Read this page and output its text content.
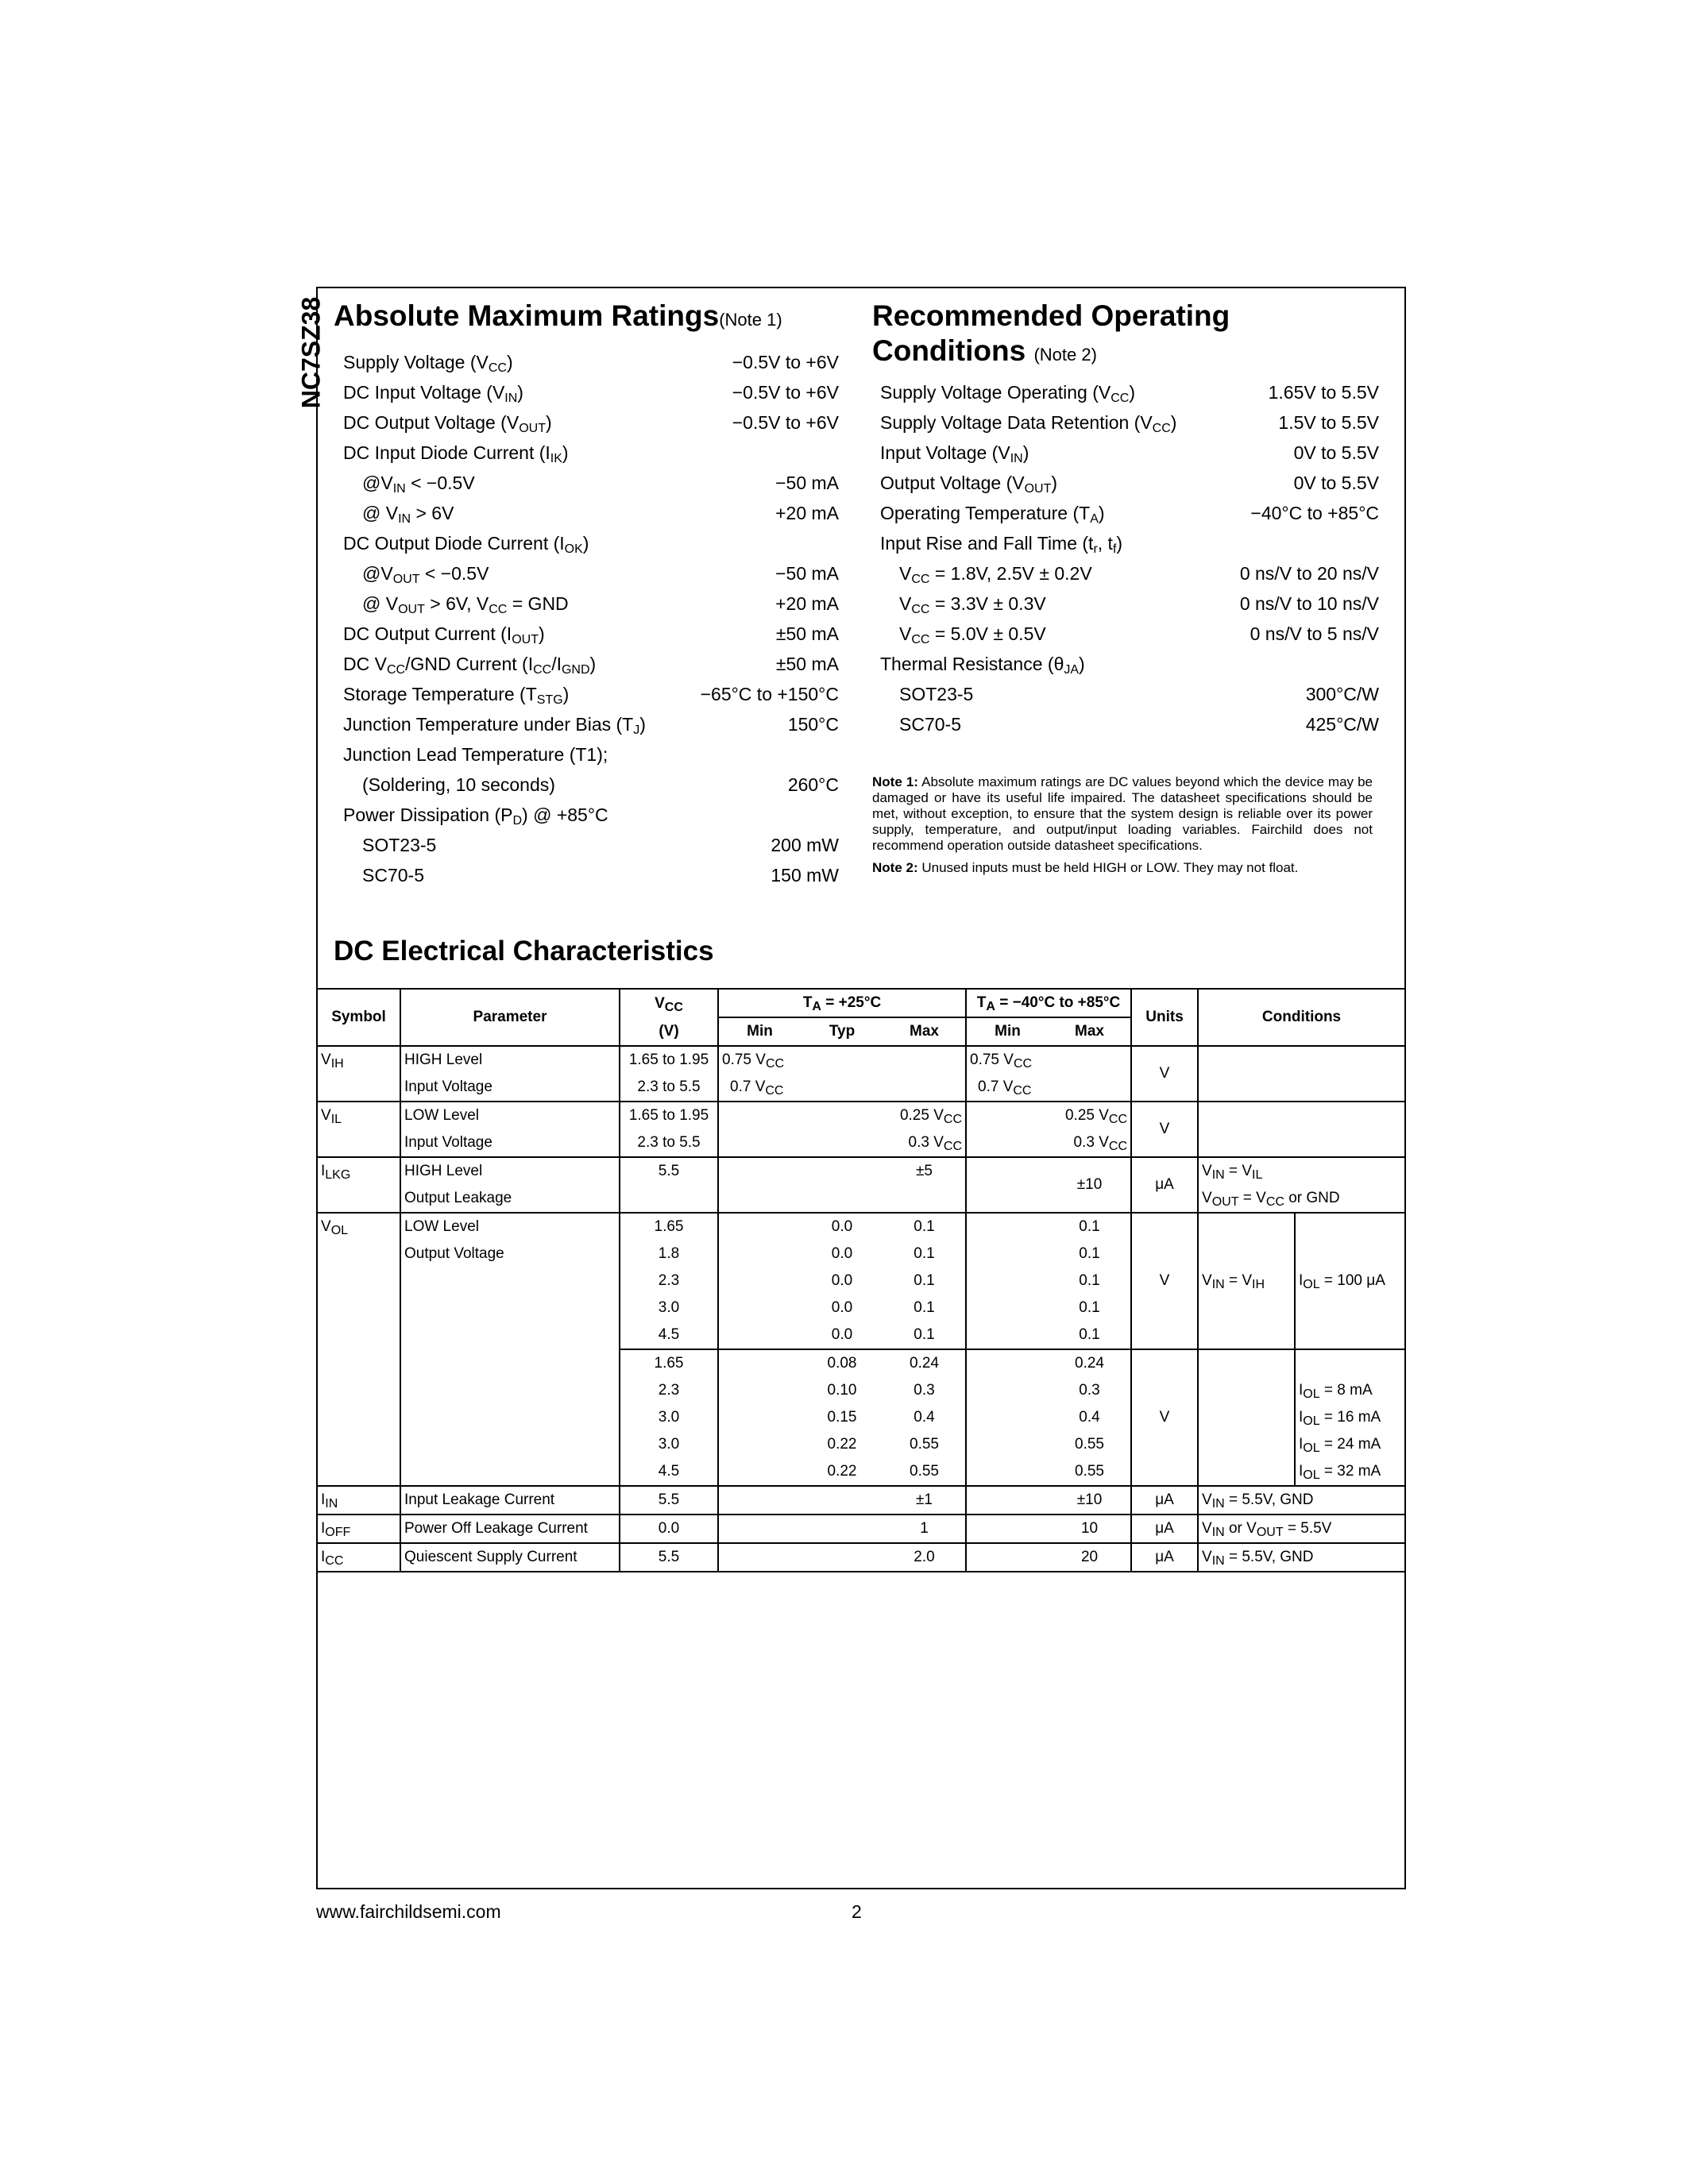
NC7SZ38 Absolute Maximum Ratings(Note 1)
Supply Voltage $(V_{CC})$	−0.5V to +6V
DC Input Voltage $(V_{IN})$	−0.5V to +6V
DC Output Voltage $(V_{OUT})$	−0.5V to +6V
DC Input Diode Current $(I_{IK})$
$@V_{IN} < -0.5V$	−50 mA
@ $V_{IN} > 6V$	+20 mA
DC Output Diode Current $(I_{OK})$
$@V_{OUT} < -0.5V$	−50 mA
@ $V_{OUT} > 6V$, $V_{CC}$ = GND	+20 mA
DC Output Current $(I_{OUT})$	±50 mA
DC $V_{CC}$/GND Current $(I_{CC}/I_{GND})$	±50 mA
Storage Temperature $(T_{STG})$	−65°C to +150°C
Junction Temperature under Bias $(T_J)$	150°C
Junction Lead Temperature (T1);
(Soldering, 10 seconds)	260°C
Power Dissipation $(P_D)$ @ +85°C
SOT23-5	200 mW
SC70-5	150 mW
Recommended Operating
Conditions (Note 2)
Supply Voltage Operating $(V_{CC})$	1.65V to 5.5V
Supply Voltage Data Retention $(V_{CC})$	1.5V to 5.5V
Input Voltage $(V_{IN})$	0V to 5.5V
Output Voltage $(V_{OUT})$	0V to 5.5V
Operating Temperature $(T_A)$	−40°C to +85°C
Input Rise and Fall Time ($t_r$, $t_f$)
$V_{CC} = 1.8V$, 2.5V ± 0.2V	0 ns/V to 20 ns/V
$V_{CC} = 3.3V \pm 0.3V$	0 ns/V to 10 ns/V
$V_{CC} = 5.0V \pm 0.5V$	0 ns/V to 5 ns/V
Thermal Resistance $(\theta_{JA})$
SOT23-5	300°C/W
SC70-5	425°C/W

Note 1: Absolute maximum ratings are DC values beyond which the device may be damaged or have its useful life impaired. The datasheet specifications should be met, without exception, to ensure that the system design is reliable over its power supply, temperature, and output/input loading variables. Fairchild does not recommend operation outside datasheet specifications.

Note 2: Unused inputs must be held HIGH or LOW. They may not float.

DC Electrical Characteristics
Symbol	Parameter	$V_{CC}$	$T_A = +25^\circ C$			$T_A = -40^\circ C$ to +85°C		Units	Conditions	
		(V)	Min	Typ	Max	Min	Max			
$V_{IH}$	HIGH Level	1.65 to 1.95	0.75 $V_{CC}$			0.75 $V_{CC}$		V		
	Input Voltage	2.3 to 5.5	0.7 $V_{CC}$			0.7 $V_{CC}$	
$V_{IL}$	LOW Level	1.65 to 1.95			0.25 $V_{CC}$		0.25 $V_{CC}$	V		
	Input Voltage	2.3 to 5.5			0.3 $V_{CC}$		0.3 $V_{CC}$
$I_{LKG}$	HIGH Level	5.5			±5		±10	μA	$V_{IN} = V_{IL}$
	Output Leakage								$V_{OUT} = V_{CC}$ or GND	
$V_{OL}$	LOW Level	1.65		0.0	0.1		0.1	V	$V_{IN} = V_{IH}$	$I_{OL} = 100$ μA
	Output Voltage	1.8		0.0	0.1		0.1			
		2.3		0.0	0.1		0.1			
		3.0		0.0	0.1		0.1			
		4.5		0.0	0.1		0.1			
		1.65		0.08	0.24		0.24	V		
		2.3		0.10	0.3		0.3			$I_{OL} = 8$ mA
		3.0		0.15	0.4		0.4			$I_{OL} = 16$ mA
		3.0		0.22	0.55		0.55			$I_{OL} = 24$ mA
		4.5		0.22	0.55		0.55			$I_{OL} = 32$ mA
$I_{IN}$	Input Leakage Current	5.5			±1		±10	μA	$V_{IN} = 5.5V$, GND	
$I_{OFF}$	Power Off Leakage Current	0.0			1		10	μA	$V_{IN}$ or $V_{OUT} = 5.5V$	
$I_{CC}$	Quiescent Supply Current	5.5			2.0		20	μA	$V_{IN} = 5.5V$, GND	
www.fairchildsemi.com	2
